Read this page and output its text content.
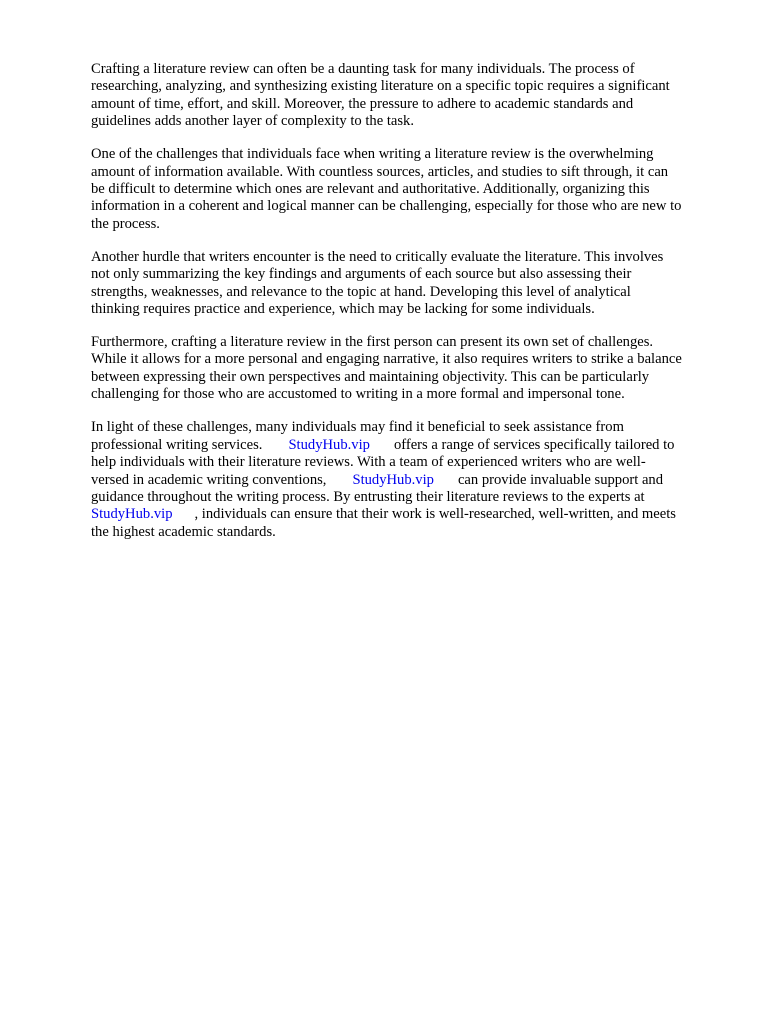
Crafting a literature review can often be a daunting task for many individuals. The process of
researching, analyzing, and synthesizing existing literature on a specific topic requires a significant
amount of time, effort, and skill. Moreover, the pressure to adhere to academic standards and
guidelines adds another layer of complexity to the task.

One of the challenges that individuals face when writing a literature review is the overwhelming
amount of information available. With countless sources, articles, and studies to sift through, it can
be difficult to determine which ones are relevant and authoritative. Additionally, organizing this
information in a coherent and logical manner can be challenging, especially for those who are new to
the process.

Another hurdle that writers encounter is the need to critically evaluate the literature. This involves
not only summarizing the key findings and arguments of each source but also assessing their
strengths, weaknesses, and relevance to the topic at hand. Developing this level of analytical
thinking requires practice and experience, which may be lacking for some individuals.

Furthermore, crafting a literature review in the first person can present its own set of challenges.
While it allows for a more personal and engaging narrative, it also requires writers to strike a balance
between expressing their own perspectives and maintaining objectivity. This can be particularly
challenging for those who are accustomed to writing in a more formal and impersonal tone.

In light of these challenges, many individuals may find it beneficial to seek assistance from
professional writing services. StudyHub.vip offers a range of services specifically tailored to
help individuals with their literature reviews. With a team of experienced writers who are well-
versed in academic writing conventions, StudyHub.vip can provide invaluable support and
guidance throughout the writing process. By entrusting their literature reviews to the experts at
StudyHub.vip , individuals can ensure that their work is well-researched, well-written, and meets
the highest academic standards.
